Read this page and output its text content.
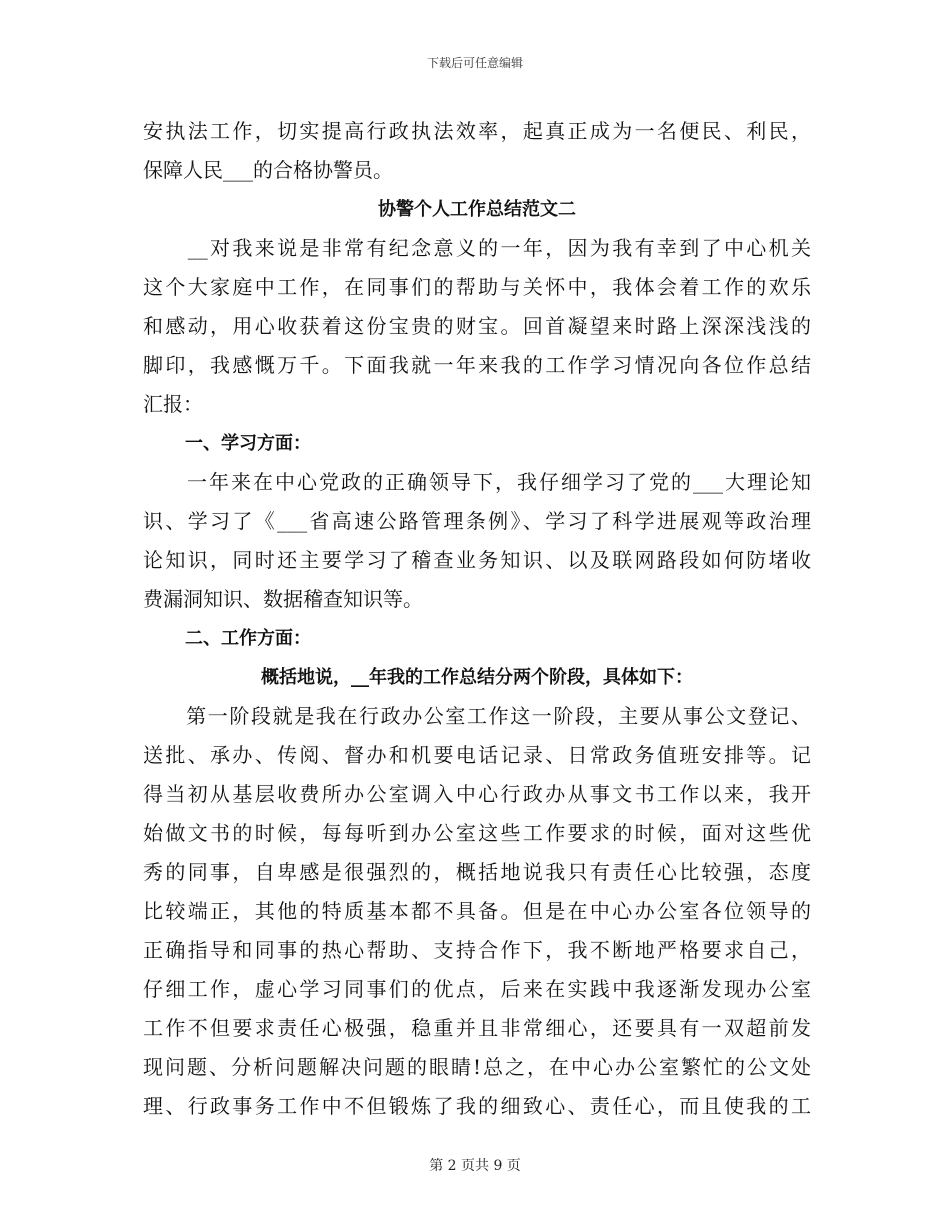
下载后可任意编辑
安执法工作，切实提高行政执法效率，起真正成为一名便民、利民，
保障人民___的合格协警员。
协警个人工作总结范文二
　　__对我来说是非常有纪念意义的一年，因为我有幸到了中心机关
这个大家庭中工作，在同事们的帮助与关怀中，我体会着工作的欢乐
和感动，用心收获着这份宝贵的财宝。回首凝望来时路上深深浅浅的
脚印，我感慨万千。下面我就一年来我的工作学习情况向各位作总结
汇报：
一、学习方面：
　　一年来在中心党政的正确领导下，我仔细学习了党的___大理论知
识、学习了《___省高速公路管理条例》、学习了科学进展观等政治理
论知识，同时还主要学习了稽查业务知识、以及联网路段如何防堵收
费漏洞知识、数据稽查知识等。
二、工作方面：
概括地说，__年我的工作总结分两个阶段，具体如下：
　　第一阶段就是我在行政办公室工作这一阶段，主要从事公文登记、
送批、承办、传阅、督办和机要电话记录、日常政务值班安排等。记
得当初从基层收费所办公室调入中心行政办从事文书工作以来，我开
始做文书的时候，每每听到办公室这些工作要求的时候，面对这些优
秀的同事，自卑感是很强烈的，概括地说我只有责任心比较强，态度
比较端正，其他的特质基本都不具备。但是在中心办公室各位领导的
正确指导和同事的热心帮助、支持合作下，我不断地严格要求自己，
仔细工作，虚心学习同事们的优点，后来在实践中我逐渐发现办公室
工作不但要求责任心极强，稳重并且非常细心，还要具有一双超前发
现问题、分析问题解决问题的眼睛!总之，在中心办公室繁忙的公文处
理、行政事务工作中不但锻炼了我的细致心、责任心，而且使我的工
第 2 页共 9 页
